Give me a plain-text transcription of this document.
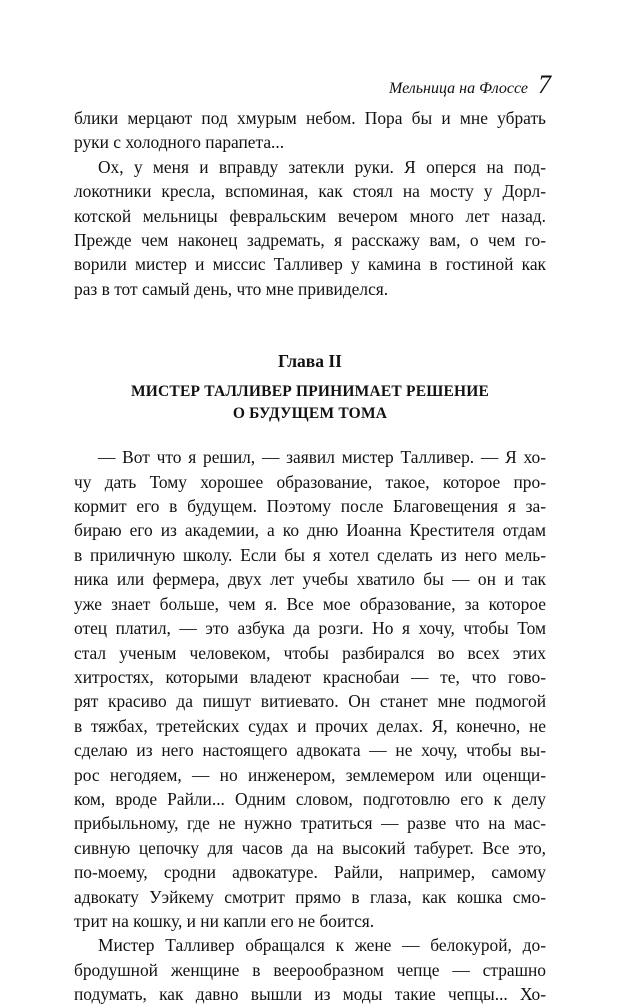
Мельница на Флоссе 7

блики мерцают под хмурым небом. Пора бы и мне убрать

руки с холодного парапета...

Ох, у меня и вправду затекли руки. Я оперся на под-

локотники кресла, вспоминая, как стоял на мосту у Дорл-

котской мельницы февральским вечером много лет назад.

Прежде чем наконец задремать, я расскажу вам, о чем го-

ворили мистер и миссис Талливер у камина в гостиной как

раз в тот самый день, что мне привиделся.

Глава II
МИСТЕР ТАЛЛИВЕР ПРИНИМАЕТ РЕШЕНИЕ
О БУДУЩЕМ ТОМА

— Вот что я решил, — заявил мистер Талливер. — Я хо-

чу дать Тому хорошее образование, такое, которое про-

кормит его в будущем. Поэтому после Благовещения я за-

бираю его из академии, а ко дню Иоанна Крестителя отдам

в приличную школу. Если бы я хотел сделать из него мель-

ника или фермера, двух лет учебы хватило бы — он и так

уже знает больше, чем я. Все мое образование, за которое

отец платил, — это азбука да розги. Но я хочу, чтобы Том

стал ученым человеком, чтобы разбирался во всех этих

хитростях, которыми владеют краснобаи — те, что гово-

рят красиво да пишут витиевато. Он станет мне подмогой

в тяжбах, третейских судах и прочих делах. Я, конечно, не

сделаю из него настоящего адвоката — не хочу, чтобы вы-

рос негодяем, — но инженером, землемером или оценщи-

ком, вроде Райли... Одним словом, подготовлю его к делу

прибыльному, где не нужно тратиться — разве что на мас-

сивную цепочку для часов да на высокий табурет. Все это,

по-моему, сродни адвокатуре. Райли, например, самому

адвокату Уэйкему смотрит прямо в глаза, как кошка смо-

трит на кошку, и ни капли его не боится.

Мистер Талливер обращался к жене — белокурой, до-

бродушной женщине в веерообразном чепце — страшно

подумать, как давно вышли из моды такие чепцы... Хо-
